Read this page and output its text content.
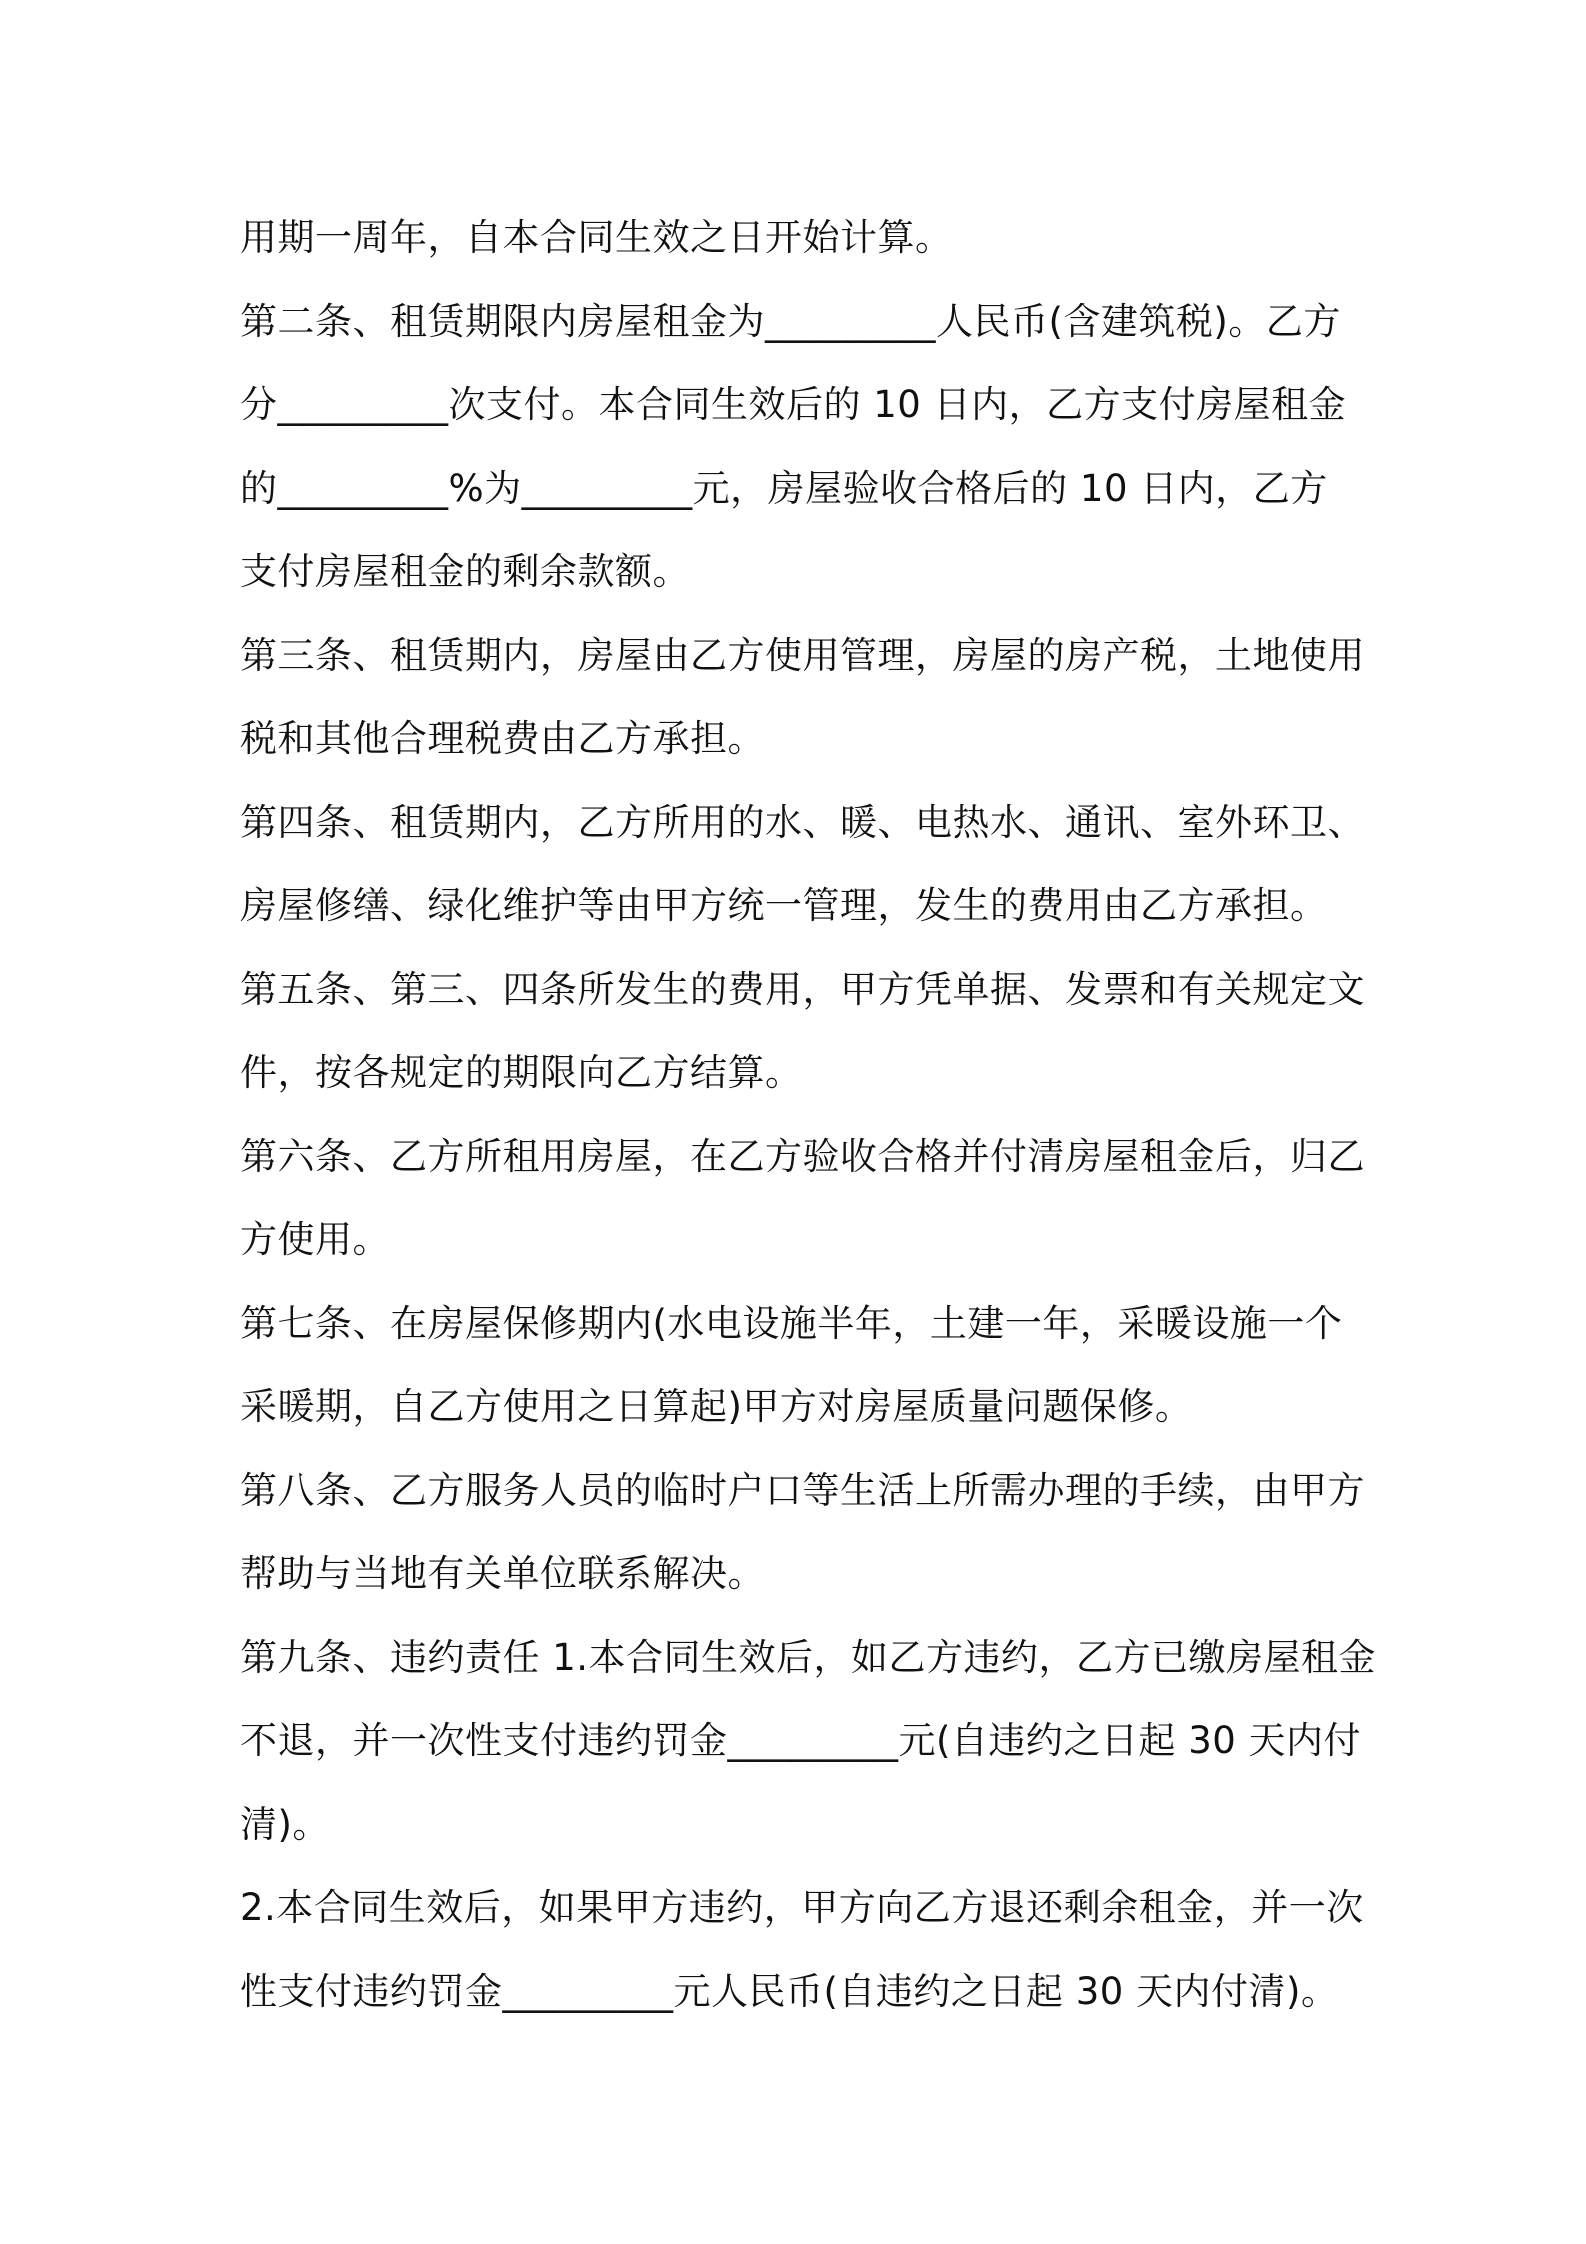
用期一周年，自本合同生效之日开始计算。
第二条、租赁期限内房屋租金为_________人民币(含建筑税)。乙方
分_________次支付。本合同生效后的 10 日内，乙方支付房屋租金
的_________%为_________元，房屋验收合格后的 10 日内，乙方
支付房屋租金的剩余款额。
第三条、租赁期内，房屋由乙方使用管理，房屋的房产税，土地使用
税和其他合理税费由乙方承担。
第四条、租赁期内，乙方所用的水、暖、电热水、通讯、室外环卫、
房屋修缮、绿化维护等由甲方统一管理，发生的费用由乙方承担。
第五条、第三、四条所发生的费用，甲方凭单据、发票和有关规定文
件，按各规定的期限向乙方结算。
第六条、乙方所租用房屋，在乙方验收合格并付清房屋租金后，归乙
方使用。
第七条、在房屋保修期内(水电设施半年，土建一年，采暖设施一个
采暖期，自乙方使用之日算起)甲方对房屋质量问题保修。
第八条、乙方服务人员的临时户口等生活上所需办理的手续，由甲方
帮助与当地有关单位联系解决。
第九条、违约责任 1.本合同生效后，如乙方违约，乙方已缴房屋租金
不退，并一次性支付违约罚金_________元(自违约之日起 30 天内付
清)。
2.本合同生效后，如果甲方违约，甲方向乙方退还剩余租金，并一次
性支付违约罚金_________元人民币(自违约之日起 30 天内付清)。
